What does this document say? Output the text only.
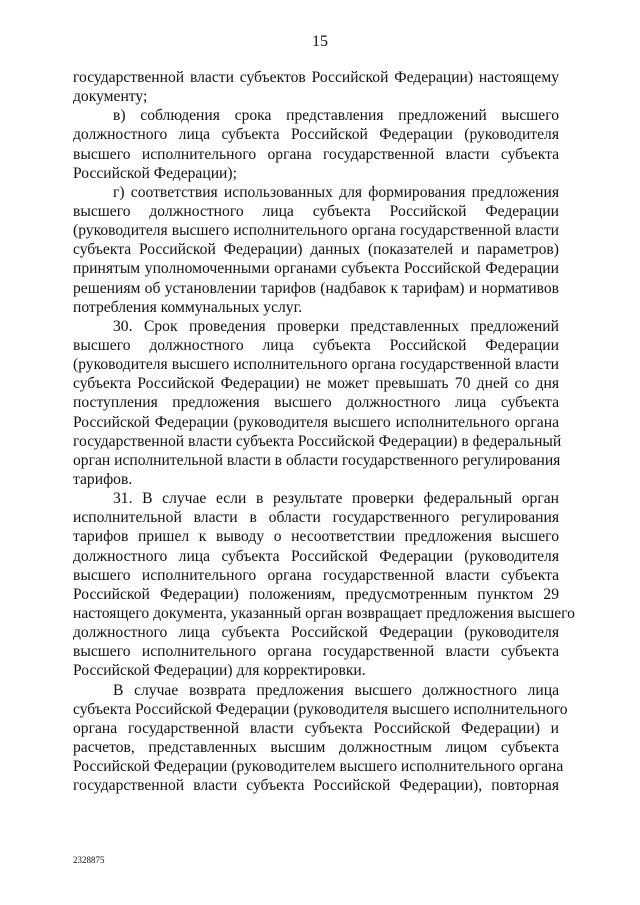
15
государственной власти субъектов Российской Федерации) настоящему
документу;
в) соблюдения срока представления предложений высшего
должностного лица субъекта Российской Федерации (руководителя
высшего исполнительного органа государственной власти субъекта
Российской Федерации);
г) соответствия использованных для формирования предложения
высшего должностного лица субъекта Российской Федерации
(руководителя высшего исполнительного органа государственной власти
субъекта Российской Федерации) данных (показателей и параметров)
принятым уполномоченными органами субъекта Российской Федерации
решениям об установлении тарифов (надбавок к тарифам) и нормативов
потребления коммунальных услуг.
30. Срок проведения проверки представленных предложений
высшего должностного лица субъекта Российской Федерации
(руководителя высшего исполнительного органа государственной власти
субъекта Российской Федерации) не может превышать 70 дней со дня
поступления предложения высшего должностного лица субъекта
Российской Федерации (руководителя высшего исполнительного органа
государственной власти субъекта Российской Федерации) в федеральный
орган исполнительной власти в области государственного регулирования
тарифов.
31. В случае если в результате проверки федеральный орган
исполнительной власти в области государственного регулирования
тарифов пришел к выводу о несоответствии предложения высшего
должностного лица субъекта Российской Федерации (руководителя
высшего исполнительного органа государственной власти субъекта
Российской Федерации) положениям, предусмотренным пунктом 29
настоящего документа, указанный орган возвращает предложения высшего
должностного лица субъекта Российской Федерации (руководителя
высшего исполнительного органа государственной власти субъекта
Российской Федерации) для корректировки.
В случае возврата предложения высшего должностного лица
субъекта Российской Федерации (руководителя высшего исполнительного
органа государственной власти субъекта Российской Федерации) и
расчетов, представленных высшим должностным лицом субъекта
Российской Федерации (руководителем высшего исполнительного органа
государственной власти субъекта Российской Федерации), повторная
2328875
